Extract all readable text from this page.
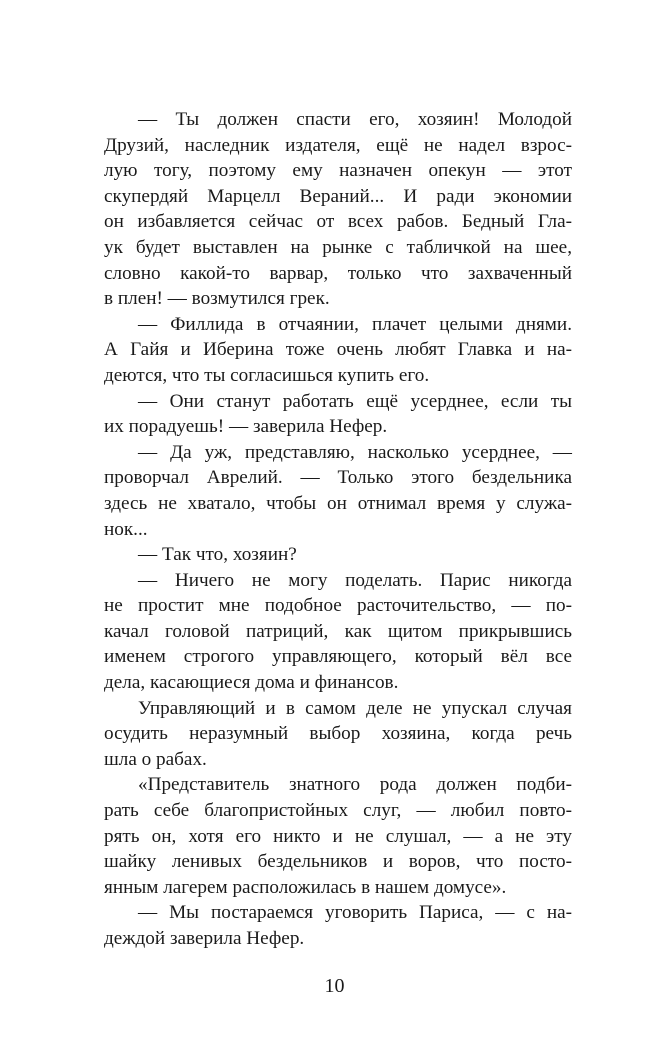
— Ты должен спасти его, хозяин! Молодой
Друзий, наследник издателя, ещё не надел взрос-
лую тогу, поэтому ему назначен опекун — этот
скупердяй Марцелл Вераний... И ради экономии
он избавляется сейчас от всех рабов. Бедный Гла-
ук будет выставлен на рынке с табличкой на шее,
словно какой-то варвар, только что захваченный
в плен! — возмутился грек.
— Филлида в отчаянии, плачет целыми днями.
А Гайя и Иберина тоже очень любят Главка и на-
деются, что ты согласишься купить его.
— Они станут работать ещё усерднее, если ты
их порадуешь! — заверила Нефер.
— Да уж, представляю, насколько усерднее, —
проворчал Аврелий. — Только этого бездельника
здесь не хватало, чтобы он отнимал время у служа-
нок...
— Так что, хозяин?
— Ничего не могу поделать. Парис никогда
не простит мне подобное расточительство, — по-
качал головой патриций, как щитом прикрывшись
именем строгого управляющего, который вёл все
дела, касающиеся дома и финансов.
Управляющий и в самом деле не упускал случая
осудить неразумный выбор хозяина, когда речь
шла о рабах.
«Представитель знатного рода должен подби-
рать себе благопристойных слуг, — любил повто-
рять он, хотя его никто и не слушал, — а не эту
шайку ленивых бездельников и воров, что посто-
янным лагерем расположилась в нашем домусе».
— Мы постараемся уговорить Париса, — с на-
деждой заверила Нефер.
10
